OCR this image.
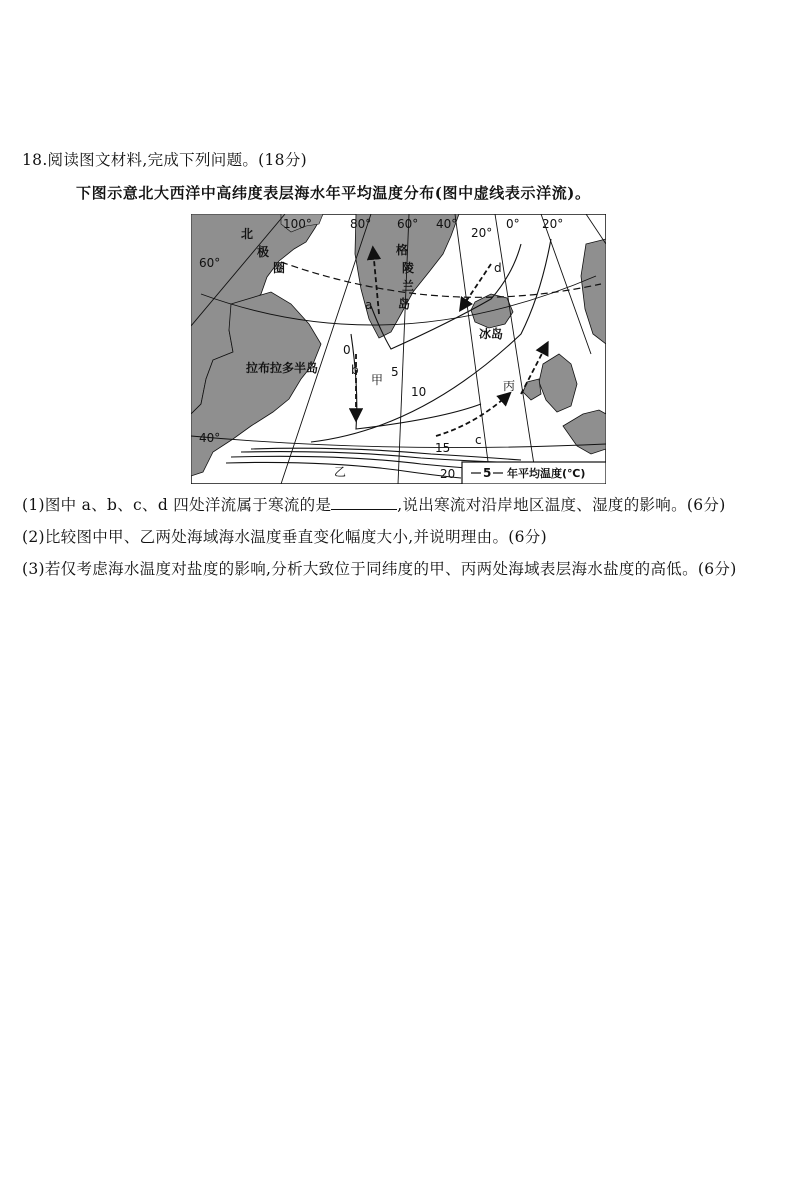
18.阅读图文材料,完成下列问题。(18分)
下图示意北大西洋中高纬度表层海水年平均温度分布(图中虚线表示洋流)。
100°	80° 60° 40°
20°
0° 20°
60°
40°
北
极
圈
格
陵
兰
岛
拉布拉多半岛
冰岛
a
b
c
d
甲
乙
丙
0
5
10
15
20 5 年平均温度(℃)
(1)图中 a、b、c、d 四处洋流属于寒流的是	,说出寒流对沿岸地区温度、湿度的影响。(6分)
(2)比较图中甲、乙两处海域海水温度垂直变化幅度大小,并说明理由。(6分)
(3)若仅考虑海水温度对盐度的影响,分析大致位于同纬度的甲、丙两处海域表层海水盐度的高低。(6分)
